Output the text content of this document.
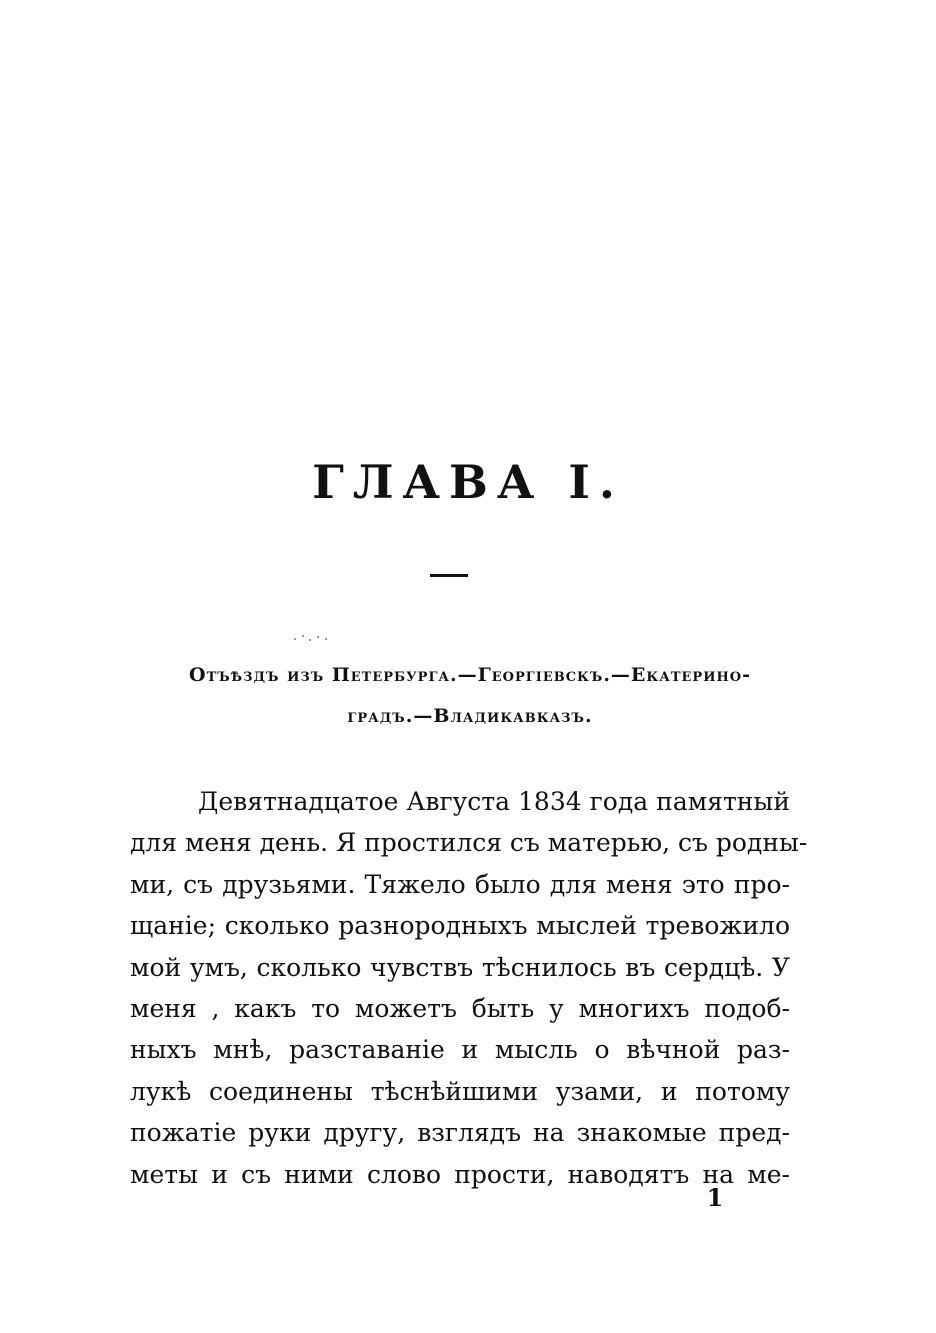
ГЛАВА I.
Отъѣздъ изъ Петербурга.—Георгіевскъ.—Екатерино-
градъ.—Владикавказъ.
Девятнадцатое Августа 1834 года памятный
для меня день. Я простился съ матерью, съ родны-
ми, съ друзьями. Тяжело было для меня это про-
щаніе; сколько разнородныхъ мыслей тревожило
мой умъ, сколько чувствъ тѣснилось въ сердцѣ. У
меня , какъ то можетъ быть у многихъ подоб-
ныхъ мнѣ, разставаніе и мысль о вѣчной раз-
лукѣ соединены тѣснѣйшими узами, и потому
пожатіе руки другу, взглядъ на знакомые пред-
меты и съ ними слово прости, наводятъ на ме-
1
